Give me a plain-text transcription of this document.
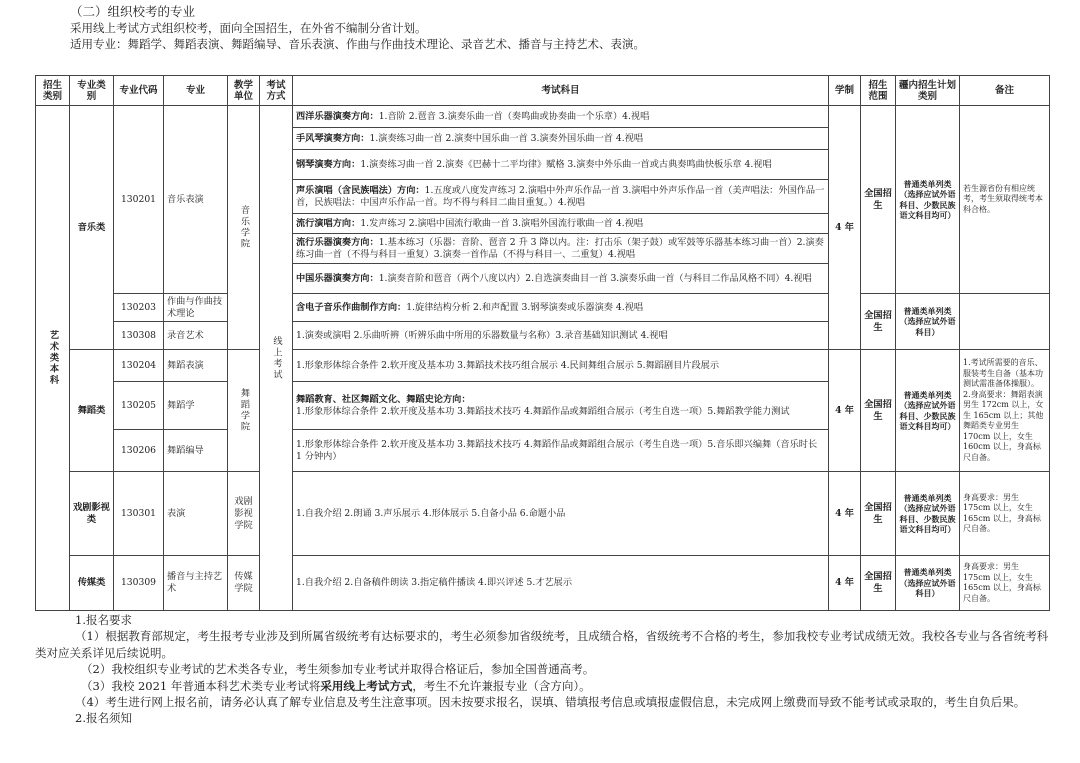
（二）组织校考的专业
采用线上考试方式组织校考，面向全国招生，在外省不编制分省计划。
适用专业：舞蹈学、舞蹈表演、舞蹈编导、音乐表演、作曲与作曲技术理论、录音艺术、播音与主持艺术、表演。
招生类别	专业类别	专业代码	专业	教学单位	考试方式	考试科目	学制	招生范围	疆内招生计划类别	备注
艺术类本科	音乐类	130201	音乐表演	音乐学院	线上考试	西洋乐器演奏方向：1.音阶 2.琶音 3.演奏乐曲一首（奏鸣曲或协奏曲一个乐章）4.视唱	4 年	全国招生	普通类单列类（选择应试外语科目、少数民族语文科目均可）	若生源省份有相应统考，考生须取得统考本科合格。
						手风琴演奏方向：1.演奏练习曲一首 2.演奏中国乐曲一首 3.演奏外国乐曲一首 4.视唱				
						钢琴演奏方向：1.演奏练习曲一首 2.演奏《巴赫十二平均律》赋格 3.演奏中外乐曲一首或古典奏鸣曲快板乐章 4.视唱				
						声乐演唱（含民族唱法）方向：1.五度或八度发声练习 2.演唱中外声乐作品一首 3.演唱中外声乐作品一首（美声唱法：外国作品一首，民族唱法：中国声乐作品一首。均不得与科目二曲目重复。）4.视唱				
						流行演唱方向：1.发声练习 2.演唱中国流行歌曲一首 3.演唱外国流行歌曲一首 4.视唱				
						流行乐器演奏方向：1.基本练习（乐器：音阶、琶音 2 升 3 降以内。注：打击乐（架子鼓）或军鼓等乐器基本练习曲一首）2.演奏练习曲一首（不得与科目一重复）3.演奏一首作品（不得与科目一、二重复）4.视唱				
						中国乐器演奏方向：1.演奏音阶和琶音（两个八度以内）2.自选演奏曲目一首 3.演奏乐曲一首（与科目二作品风格不同）4.视唱				
		130203	作曲与作曲技术理论			含电子音乐作曲制作方向：1.旋律结构分析 2.和声配置 3.钢琴演奏或乐器演奏 4.视唱		全国招生	普通类单列类（选择应试外语科目）	
		130308	录音艺术			1.演奏或演唱 2.乐曲听辨（听辨乐曲中所用的乐器数量与名称）3.录音基础知识测试 4.视唱				
	舞蹈类	130204	舞蹈表演	舞蹈学院		1.形象形体综合条件 2.软开度及基本功 3.舞蹈技术技巧组合展示 4.民间舞组合展示 5.舞蹈剧目片段展示	4 年	全国招生	普通类单列类（选择应试外语科目、少数民族语文科目均可）	1.考试所需要的音乐、服装考生自备（基本功测试需准备体操服）。2.身高要求：舞蹈表演男生 172cm 以上，女生 165cm 以上；其他舞蹈类专业男生 170cm 以上，女生 160cm 以上，身高标尺自备。
		130205	舞蹈学			舞蹈教育、社区舞蹈文化、舞蹈史论方向：
1.形象形体综合条件 2.软开度及基本功 3.舞蹈技术技巧 4.舞蹈作品或舞蹈组合展示（考生自选一项）5.舞蹈教学能力测试				

		130206	舞蹈编导			1.形象形体综合条件 2.软开度及基本功 3.舞蹈技术技巧 4.舞蹈作品或舞蹈组合展示（考生自选一项）5.音乐即兴编舞（音乐时长 1 分钟内）				
	戏剧影视类	130301	表演	戏剧影视学院		1.自我介绍 2.朗诵 3.声乐展示 4.形体展示 5.自备小品 6.命题小品	4 年	全国招生	普通类单列类（选择应试外语科目、少数民族语文科目均可）	身高要求：男生 175cm 以上，女生 165cm 以上，身高标尺自备。
	传媒类	130309	播音与主持艺术	传媒学院		1.自我介绍 2.自备稿件朗读 3.指定稿件播读 4.即兴评述 5.才艺展示	4 年	全国招生	普通类单列类（选择应试外语科目）	身高要求：男生 175cm 以上，女生 165cm 以上，身高标尺自备。

1.报名要求

（1）根据教育部规定，考生报考专业涉及到所属省级统考有达标要求的，考生必须参加省级统考，且成绩合格，省级统考不合格的考生，参加我校专业考试成绩无效。我校各专业与各省统考科类对应关系详见后续说明。

（2）我校组织专业考试的艺术类各专业，考生须参加专业考试并取得合格证后，参加全国普通高考。

（3）我校 2021 年普通本科艺术类专业考试将采用线上考试方式，考生不允许兼报专业（含方向）。

（4）考生进行网上报名前，请务必认真了解专业信息及考生注意事项。因未按要求报名，误填、错填报考信息或填报虚假信息，未完成网上缴费而导致不能考试或录取的，考生自负后果。

2.报名须知
